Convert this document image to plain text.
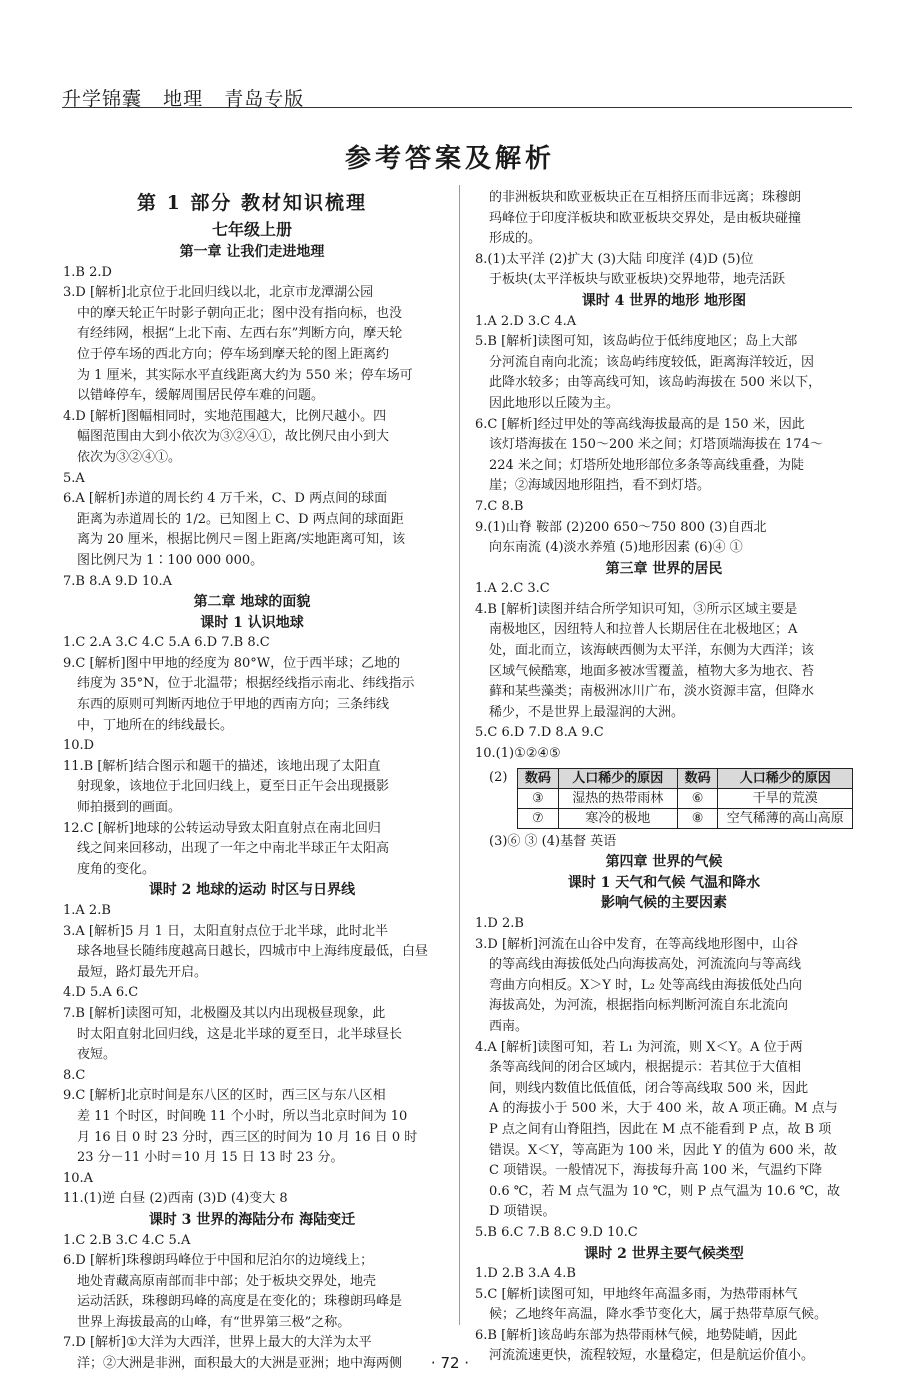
升学锦囊   地理   青岛专版
参考答案及解析
第 1 部分 教材知识梳理
七年级上册
第一章 让我们走进地理
1.B 2.D
3.D [解析]北京位于北回归线以北，北京市龙潭湖公园
中的摩天轮正午时影子朝向正北；图中没有指向标，也没
有经纬网，根据“上北下南、左西右东”判断方向，摩天轮
位于停车场的西北方向；停车场到摩天轮的图上距离约
为 1 厘米，其实际水平直线距离大约为 550 米；停车场可
以错峰停车，缓解周围居民停车难的问题。
4.D [解析]图幅相同时，实地范围越大，比例尺越小。四
幅图范围由大到小依次为③②④①，故比例尺由小到大
依次为③②④①。
5.A
6.A [解析]赤道的周长约 4 万千米，C、D 两点间的球面
距离为赤道周长的 1/2。已知图上 C、D 两点间的球面距
离为 20 厘米，根据比例尺＝图上距离/实地距离可知，该
图比例尺为 1∶100 000 000。
7.B 8.A 9.D 10.A
第二章 地球的面貌
课时 1 认识地球
1.C 2.A 3.C 4.C 5.A 6.D 7.B 8.C
9.C [解析]图中甲地的经度为 80°W，位于西半球；乙地的
纬度为 35°N，位于北温带；根据经线指示南北、纬线指示
东西的原则可判断丙地位于甲地的西南方向；三条纬线
中，丁地所在的纬线最长。
10.D
11.B [解析]结合图示和题干的描述，该地出现了太阳直
射现象，该地位于北回归线上，夏至日正午会出现摄影
师拍摄到的画面。
12.C [解析]地球的公转运动导致太阳直射点在南北回归
线之间来回移动，出现了一年之中南北半球正午太阳高
度角的变化。
课时 2 地球的运动 时区与日界线
1.A 2.B
3.A [解析]5 月 1 日，太阳直射点位于北半球，此时北半
球各地昼长随纬度越高日越长，四城市中上海纬度最低，白昼
最短，路灯最先开启。
4.D 5.A 6.C
7.B [解析]读图可知，北极圈及其以内出现极昼现象，此
时太阳直射北回归线，这是北半球的夏至日，北半球昼长
夜短。
8.C
9.C [解析]北京时间是东八区的区时，西三区与东八区相
差 11 个时区，时间晚 11 个小时，所以当北京时间为 10
月 16 日 0 时 23 分时，西三区的时间为 10 月 16 日 0 时
23 分－11 小时＝10 月 15 日 13 时 23 分。
10.A
11.(1)逆 白昼 (2)西南 (3)D (4)变大 8
课时 3 世界的海陆分布 海陆变迁
1.C 2.B 3.C 4.C 5.A
6.D [解析]珠穆朗玛峰位于中国和尼泊尔的边境线上；
地处青藏高原南部而非中部；处于板块交界处，地壳
运动活跃，珠穆朗玛峰的高度是在变化的；珠穆朗玛峰是
世界上海拔最高的山峰，有“世界第三极”之称。
7.D [解析]①大洋为大西洋，世界上最大的大洋为太平
洋；②大洲是非洲，面积最大的大洲是亚洲；地中海两侧
的非洲板块和欧亚板块正在互相挤压而非远离；珠穆朗
玛峰位于印度洋板块和欧亚板块交界处，是由板块碰撞
形成的。
8.(1)太平洋 (2)扩大 (3)大陆 印度洋 (4)D (5)位
于板块(太平洋板块与欧亚板块)交界地带，地壳活跃
课时 4 世界的地形 地形图
1.A 2.D 3.C 4.A
5.B [解析]读图可知，该岛屿位于低纬度地区；岛上大部
分河流自南向北流；该岛屿纬度较低，距离海洋较近，因
此降水较多；由等高线可知，该岛屿海拔在 500 米以下，
因此地形以丘陵为主。
6.C [解析]经过甲处的等高线海拔最高的是 150 米，因此
该灯塔海拔在 150～200 米之间；灯塔顶端海拔在 174～
224 米之间；灯塔所处地形部位多条等高线重叠，为陡
崖；②海域因地形阻挡，看不到灯塔。
7.C 8.B
9.(1)山脊 鞍部 (2)200 650～750 800 (3)自西北
向东南流 (4)淡水养殖 (5)地形因素 (6)④ ①
第三章 世界的居民
1.A 2.C 3.C
4.B [解析]读图并结合所学知识可知，③所示区域主要是
南极地区，因纽特人和拉普人长期居住在北极地区；A
处，面北而立，该海峡西侧为太平洋，东侧为大西洋；该
区域气候酷寒，地面多被冰雪覆盖，植物大多为地衣、苔
藓和某些藻类；南极洲冰川广布，淡水资源丰富，但降水
稀少，不是世界上最湿润的大洲。
5.C 6.D 7.D 8.A 9.C
10.(1)①②④⑤
(2) 数码	人口稀少的原因	数码	人口稀少的原因
③	湿热的热带雨林	⑥	干旱的荒漠
⑦	寒冷的极地	⑧	空气稀薄的高山高原
(3)⑥ ③ (4)基督 英语
第四章 世界的气候
课时 1 天气和气候 气温和降水
影响气候的主要因素
1.D 2.B
3.D [解析]河流在山谷中发育，在等高线地形图中，山谷
的等高线由海拔低处凸向海拔高处，河流流向与等高线
弯曲方向相反。X＞Y 时，L₂ 处等高线由海拔低处凸向
海拔高处，为河流，根据指向标判断河流自东北流向
西南。
4.A [解析]读图可知，若 L₁ 为河流，则 X＜Y。A 位于两
条等高线间的闭合区域内，根据提示：若其位于大值相
间，则线内数值比低值低，闭合等高线取 500 米，因此
A 的海拔小于 500 米，大于 400 米，故 A 项正确。M 点与
P 点之间有山脊阻挡，因此在 M 点不能看到 P 点，故 B 项
错误。X＜Y，等高距为 100 米，因此 Y 的值为 600 米，故
C 项错误。一般情况下，海拔每升高 100 米，气温约下降
0.6 ℃，若 M 点气温为 10 ℃，则 P 点气温为 10.6 ℃，故
D 项错误。
5.B 6.C 7.B 8.C 9.D 10.C
课时 2 世界主要气候类型
1.D 2.B 3.A 4.B
5.C [解析]读图可知，甲地终年高温多雨，为热带雨林气
候；乙地终年高温，降水季节变化大，属于热带草原气候。
6.B [解析]该岛屿东部为热带雨林气候，地势陡峭，因此
河流流速更快，流程较短，水量稳定，但是航运价值小。
· 72 ·
